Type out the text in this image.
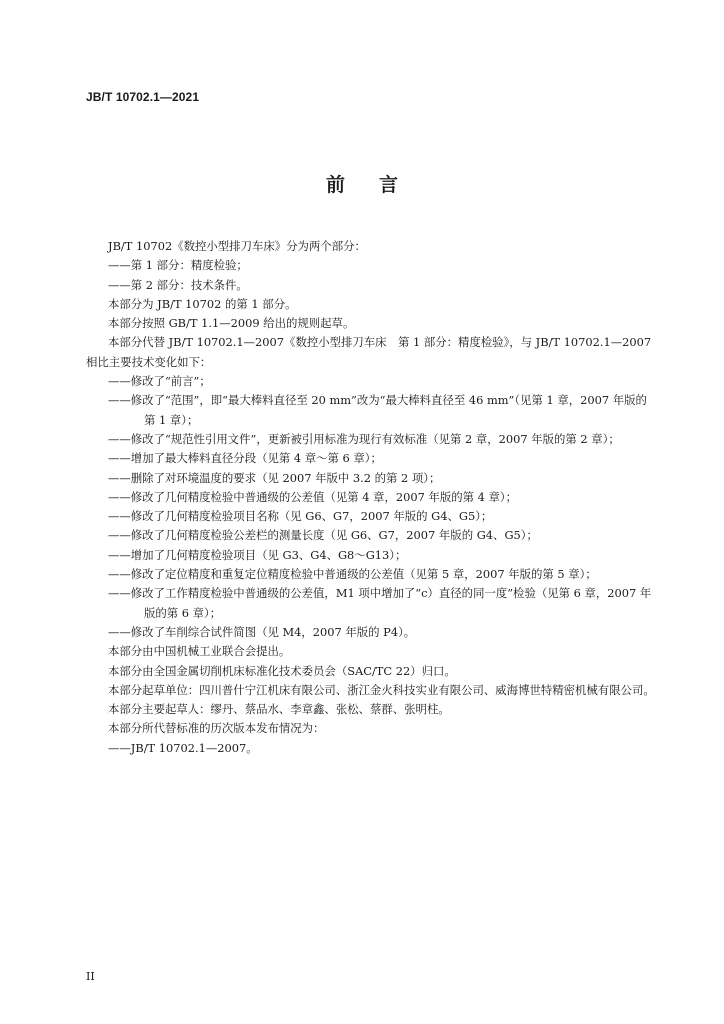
JB/T 10702.1—2021
前 言

JB/T 10702《数控小型排刀车床》分为两个部分：

——第 1 部分：精度检验；
——第 2 部分：技术条件。

本部分为 JB/T 10702 的第 1 部分。

本部分按照 GB/T 1.1—2009 给出的规则起草。

本部分代替 JB/T 10702.1—2007《数控小型排刀车床　第 1 部分：精度检验》，与 JB/T 10702.1—2007 相比主要技术变化如下：

——修改了“前言”；
——修改了“范围”，即“最大棒料直径至 20 mm”改为“最大棒料直径至 46 mm”（见第 1 章，2007 年版的第 1 章）；
——修改了“规范性引用文件”，更新被引用标准为现行有效标准（见第 2 章，2007 年版的第 2 章）；
——增加了最大棒料直径分段（见第 4 章～第 6 章）；
——删除了对环境温度的要求（见 2007 年版中 3.2 的第 2 项）；
——修改了几何精度检验中普通级的公差值（见第 4 章，2007 年版的第 4 章）；
——修改了几何精度检验项目名称（见 G6、G7，2007 年版的 G4、G5）；
——修改了几何精度检验公差栏的测量长度（见 G6、G7，2007 年版的 G4、G5）；
——增加了几何精度检验项目（见 G3、G4、G8～G13）；
——修改了定位精度和重复定位精度检验中普通级的公差值（见第 5 章，2007 年版的第 5 章）；
——修改了工作精度检验中普通级的公差值，M1 项中增加了“c）直径的同一度”检验（见第 6 章，2007 年版的第 6 章）；
——修改了车削综合试件简图（见 M4，2007 年版的 P4）。

本部分由中国机械工业联合会提出。

本部分由全国金属切削机床标准化技术委员会（SAC/TC 22）归口。

本部分起草单位：四川普什宁江机床有限公司、浙江金火科技实业有限公司、威海博世特精密机械有限公司。

本部分主要起草人：缪丹、蔡品水、李章鑫、张松、蔡群、张明柱。

本部分所代替标准的历次版本发布情况为：

——JB/T 10702.1—2007。
II
